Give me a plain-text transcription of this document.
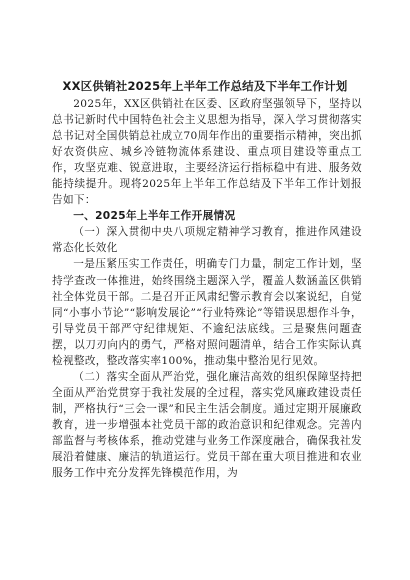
XX区供销社2025年上半年工作总结及下半年工作计划

2025年，XX区供销社在区委、区政府坚强领导下，坚持以总书记新时代中国特色社会主义思想为指导，深入学习贯彻落实总书记对全国供销总社成立70周年作出的重要指示精神，突出抓好农资供应、城乡冷链物流体系建设、重点项目建设等重点工作，攻坚克难、锐意进取，主要经济运行指标稳中有进、服务效能持续提升。现将2025年上半年工作总结及下半年工作计划报告如下：

一、2025年上半年工作开展情况

（一）深入贯彻中央八项规定精神学习教育，推进作风建设常态化长效化

一是压紧压实工作责任，明确专门力量，制定工作计划，坚持学查改一体推进，始终围绕主题深入学，覆盖人数涵盖区供销社全体党员干部。二是召开正风肃纪警示教育会以案说纪，自觉同“小事小节论”“影响发展论”“行业特殊论”等错误思想作斗争，引导党员干部严守纪律规矩、不逾纪法底线。三是聚焦问题查摆，以刀刃向内的勇气，严格对照问题清单，结合工作实际认真检视整改，整改落实率100%，推动集中整治见行见效。

（二）落实全面从严治党，强化廉洁高效的组织保障坚持把全面从严治党贯穿于我社发展的全过程，落实党风廉政建设责任制，严格执行“三会一课”和民主生活会制度。通过定期开展廉政教育，进一步增强本社党员干部的政治意识和纪律观念。完善内部监督与考核体系，推动党建与业务工作深度融合，确保我社发展沿着健康、廉洁的轨道运行。党员干部在重大项目推进和农业服务工作中充分发挥先锋模范作用，为
